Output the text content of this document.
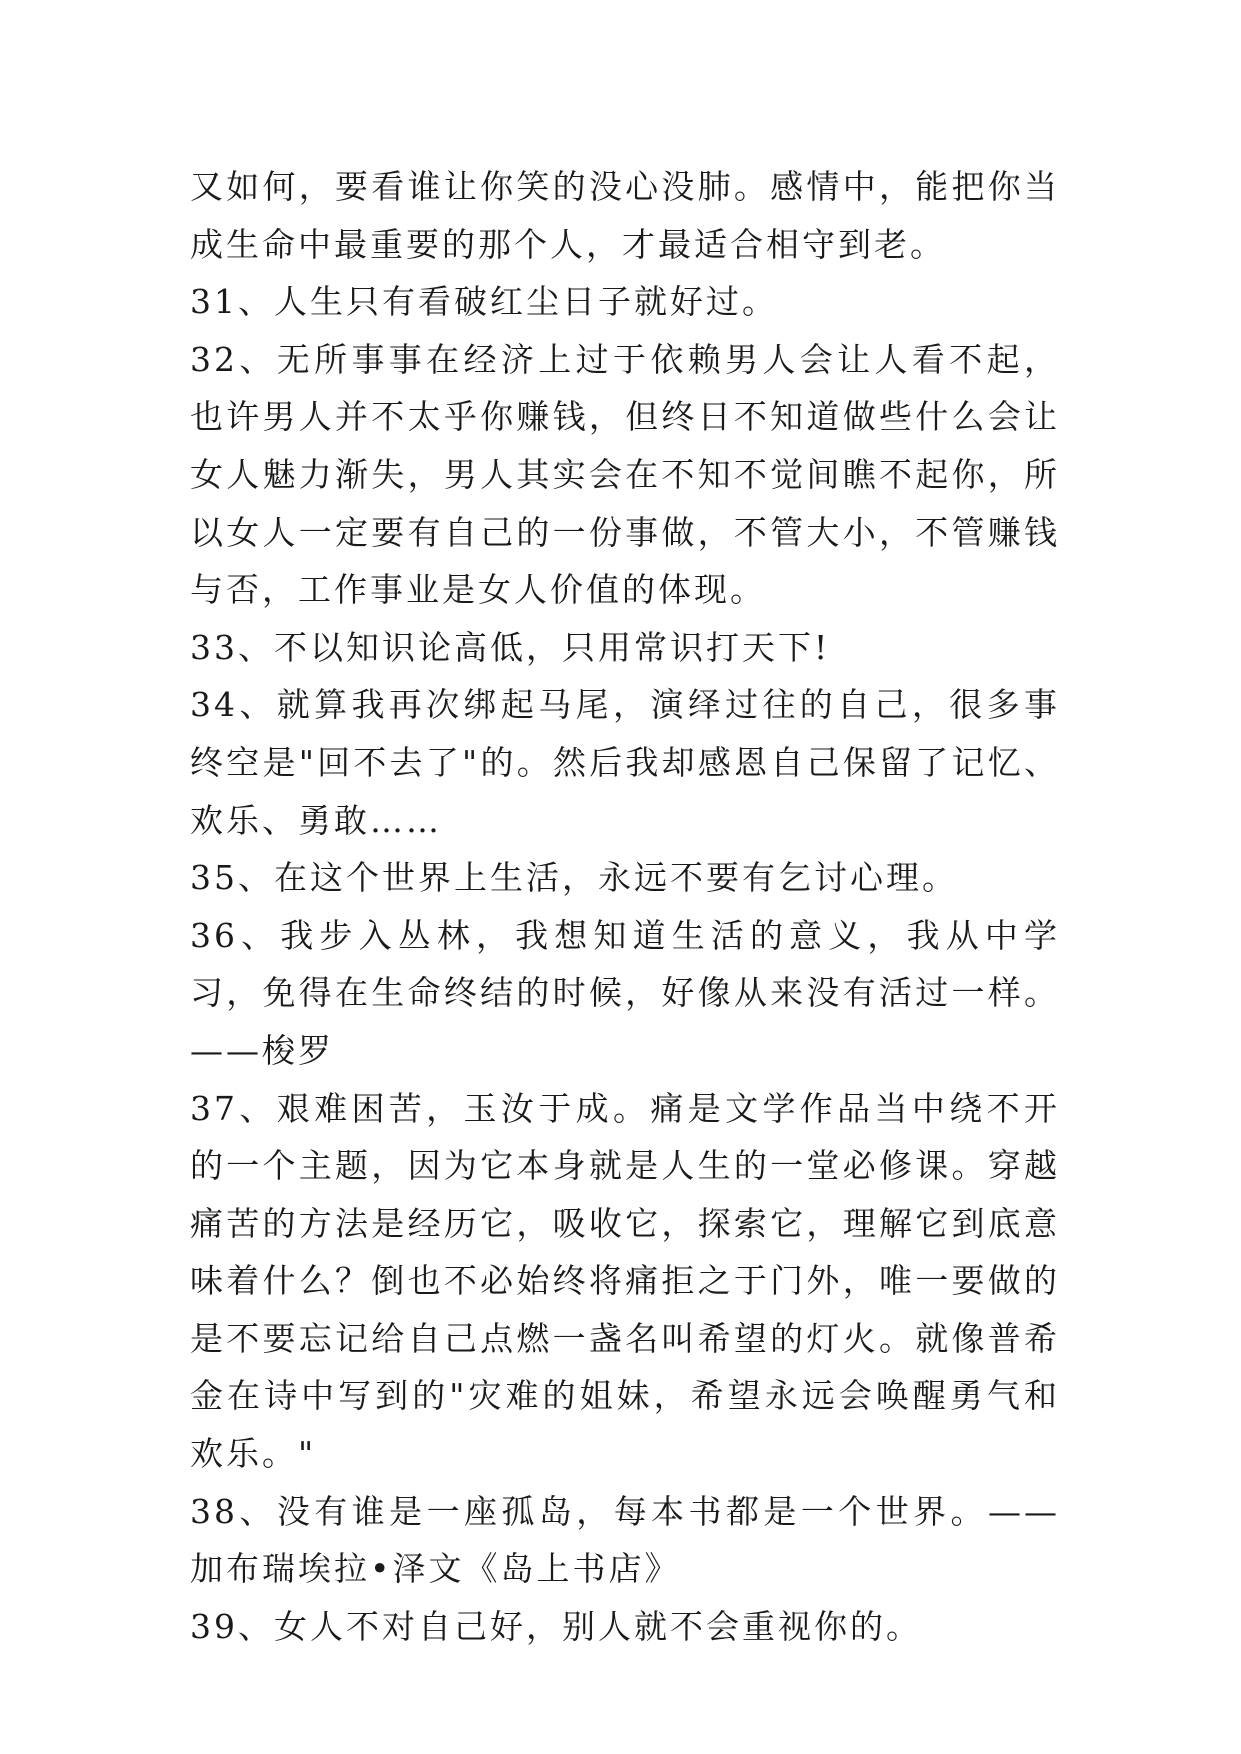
又如何，要看谁让你笑的没心没肺。感情中，能把你当成生命中最重要的那个人，才最适合相守到老。

31、人生只有看破红尘日子就好过。

32、无所事事在经济上过于依赖男人会让人看不起，也许男人并不太乎你赚钱，但终日不知道做些什么会让女人魅力渐失，男人其实会在不知不觉间瞧不起你，所以女人一定要有自己的一份事做，不管大小，不管赚钱与否，工作事业是女人价值的体现。

33、不以知识论高低，只用常识打天下!

34、就算我再次绑起马尾，演绎过往的自己，很多事终空是"回不去了"的。然后我却感恩自己保留了记忆、欢乐、勇敢……

35、在这个世界上生活，永远不要有乞讨心理。

36、我步入丛林，我想知道生活的意义，我从中学习，免得在生命终结的时候，好像从来没有活过一样。——梭罗

37、艰难困苦，玉汝于成。痛是文学作品当中绕不开的一个主题，因为它本身就是人生的一堂必修课。穿越痛苦的方法是经历它，吸收它，探索它，理解它到底意味着什么？倒也不必始终将痛拒之于门外，唯一要做的是不要忘记给自己点燃一盏名叫希望的灯火。就像普希金在诗中写到的"灾难的姐妹，希望永远会唤醒勇气和欢乐。"

38、没有谁是一座孤岛，每本书都是一个世界。——加布瑞埃拉•泽文《岛上书店》

39、女人不对自己好，别人就不会重视你的。
